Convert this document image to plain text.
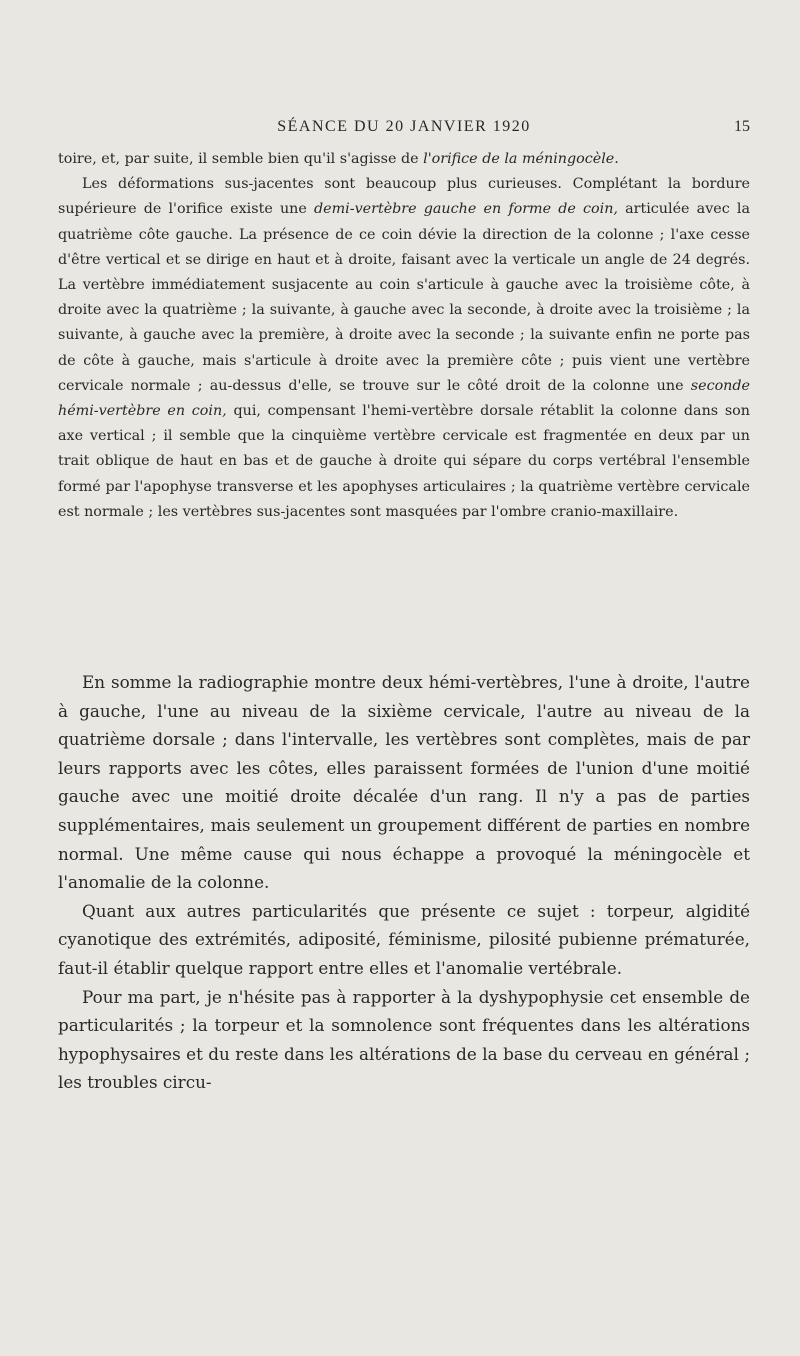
SÉANCE DU 20 JANVIER 1920	15

toire, et, par suite, il semble bien qu'il s'agisse de l'orifice de la méningocèle.

Les déformations sus-jacentes sont beaucoup plus curieuses. Complétant la bordure supérieure de l'orifice existe une demi-vertèbre gauche en forme de coin, articulée avec la quatrième côte gauche. La présence de ce coin dévie la direction de la colonne ; l'axe cesse d'être vertical et se dirige en haut et à droite, faisant avec la verticale un angle de 24 degrés. La vertèbre immédiatement susjacente au coin s'articule à gauche avec la troisième côte, à droite avec la quatrième ; la suivante, à gauche avec la seconde, à droite avec la troisième ; la suivante, à gauche avec la première, à droite avec la seconde ; la suivante enfin ne porte pas de côte à gauche, mais s'articule à droite avec la première côte ; puis vient une vertèbre cervicale normale ; au-dessus d'elle, se trouve sur le côté droit de la colonne une seconde hémi-vertèbre en coin, qui, compensant l'hemi-vertèbre dorsale rétablit la colonne dans son axe vertical ; il semble que la cinquième vertèbre cervicale est fragmentée en deux par un trait oblique de haut en bas et de gauche à droite qui sépare du corps vertébral l'ensemble formé par l'apophyse transverse et les apophyses articulaires ; la quatrième vertèbre cervicale est normale ; les vertèbres sus-jacentes sont masquées par l'ombre cranio-maxillaire.

En somme la radiographie montre deux hémi-vertèbres, l'une à droite, l'autre à gauche, l'une au niveau de la sixième cervicale, l'autre au niveau de la quatrième dorsale ; dans l'intervalle, les vertèbres sont complètes, mais de par leurs rapports avec les côtes, elles paraissent formées de l'union d'une moitié gauche avec une moitié droite décalée d'un rang. Il n'y a pas de parties supplémentaires, mais seulement un groupement différent de parties en nombre normal. Une même cause qui nous échappe a provoqué la méningocèle et l'anomalie de la colonne.

Quant aux autres particularités que présente ce sujet : torpeur, algidité cyanotique des extrémités, adiposité, féminisme, pilosité pubienne prématurée, faut-il établir quelque rapport entre elles et l'anomalie vertébrale.

Pour ma part, je n'hésite pas à rapporter à la dyshypophysie cet ensemble de particularités ; la torpeur et la somnolence sont fréquentes dans les altérations hypophysaires et du reste dans les altérations de la base du cerveau en général ; les troubles circu-
